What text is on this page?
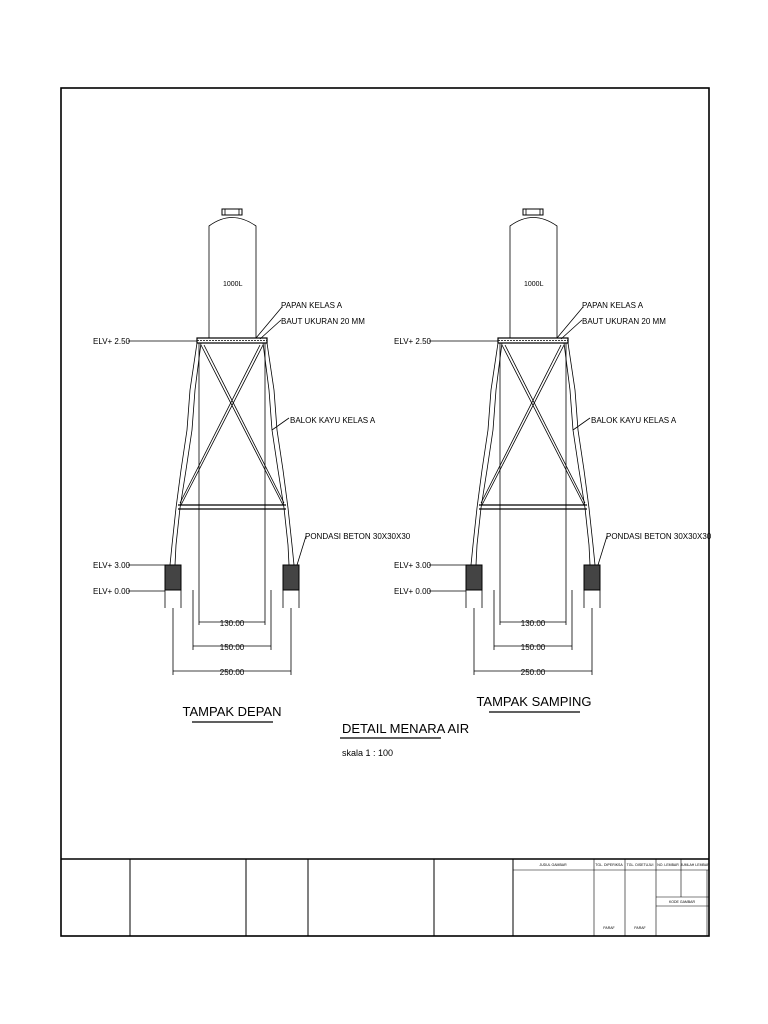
1000L
PAPAN KELAS A
BAUT UKURAN 20 MM
BALOK KAYU KELAS A
PONDASI BETON 30X30X30
ELV+ 2.50
ELV+ 3.00
ELV+ 0.00
130.00
150.00
250.00
TAMPAK DEPAN
1000L
PAPAN KELAS A
BAUT UKURAN 20 MM
BALOK KAYU KELAS A
PONDASI BETON 30X30X30
ELV+ 2.50
ELV+ 3.00
ELV+ 0.00
130.00
150.00
250.00
TAMPAK SAMPING
DETAIL MENARA AIR
skala 1 : 100
JUDUL GAMBAR	TGL. DIPERIKSA TGL. DISETUJUI NO. LEMBAR JUMLAH LEMBAR
KODE GAMBAR
PARAF	PARAF
